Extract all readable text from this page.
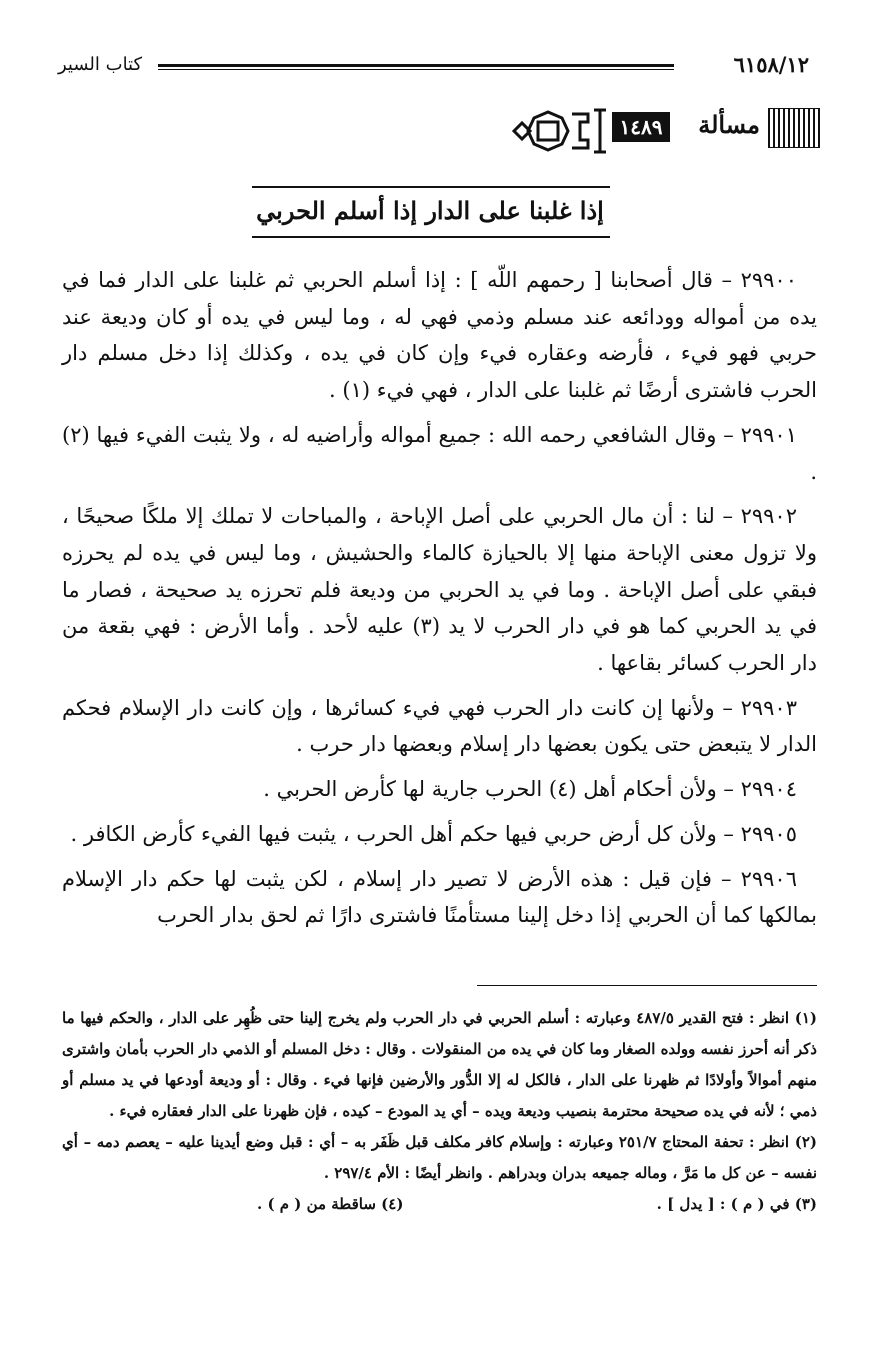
كتاب السير	٦١٥٨/١٢
مسألة
١٤٨٩
إذا غلبنا على الدار إذا أسلم الحربي

٢٩٩٠٠ – قال أصحابنا [ رحمهم اللّه ] : إذا أسلم الحربي ثم غلبنا على الدار فما في يده من أمواله وودائعه عند مسلم وذمي فهي له ، وما ليس في يده أو كان وديعة عند حربي فهو فيء ، فأرضه وعقاره فيء وإن كان في يده ، وكذلك إذا دخل مسلم دار الحرب فاشترى أرضًا ثم غلبنا على الدار ، فهي فيء (١) .

٢٩٩٠١ – وقال الشافعي رحمه الله : جميع أمواله وأراضيه له ، ولا يثبت الفيء فيها (٢) .

٢٩٩٠٢ – لنا : أن مال الحربي على أصل الإباحة ، والمباحات لا تملك إلا ملكًا صحيحًا ، ولا تزول معنى الإباحة منها إلا بالحيازة كالماء والحشيش ، وما ليس في يده لم يحرزه فبقي على أصل الإباحة . وما في يد الحربي من وديعة فلم تحرزه يد صحيحة ، فصار ما في يد الحربي كما هو في دار الحرب لا يد (٣) عليه لأحد . وأما الأرض : فهي بقعة من دار الحرب كسائر بقاعها .

٢٩٩٠٣ – ولأنها إن كانت دار الحرب فهي فيء كسائرها ، وإن كانت دار الإسلام فحكم الدار لا يتبعض حتى يكون بعضها دار إسلام وبعضها دار حرب .

٢٩٩٠٤ – ولأن أحكام أهل (٤) الحرب جارية لها كأرض الحربي .

٢٩٩٠٥ – ولأن كل أرض حربي فيها حكم أهل الحرب ، يثبت فيها الفيء كأرض الكافر .

٢٩٩٠٦ – فإن قيل : هذه الأرض لا تصير دار إسلام ، لكن يثبت لها حكم دار الإسلام بمالكها كما أن الحربي إذا دخل إلينا مستأمنًا فاشترى دارًا ثم لحق بدار الحرب

(١) انظر : فتح القدير ٤٨٧/٥ وعبارته : أسلم الحربي في دار الحرب ولم يخرج إلينا حتى ظُهِر على الدار ، والحكم فيها ما ذكر أنه أحرز نفسه وولده الصغار وما كان في يده من المنقولات . وقال : دخل المسلم أو الذمي دار الحرب بأمان واشترى منهم أموالاً وأولادًا ثم ظهرنا على الدار ، فالكل له إلا الدُّور والأرضين فإنها فيء . وقال : أو وديعة أودعها في يد مسلم أو ذمي ؛ لأنه في يده صحيحة محترمة بنصيب وديعة ويده – أي يد المودع – كيده ، فإن ظهرنا على الدار فعقاره فيء .

(٢) انظر : تحفة المحتاج ٢٥١/٧ وعبارته : وإسلام كافر مكلف قبل ظَفَر به – أي : قبل وضع أيدينا عليه – يعصم دمه – أي نفسه – عن كل ما مَرَّ ، وماله جميعه بدران وبدراهم . وانظر أيضًا : الأم ٢٩٧/٤ .

(٣) في ( م ) : [ يدل ] .
(٤) ساقطة من ( م ) .
